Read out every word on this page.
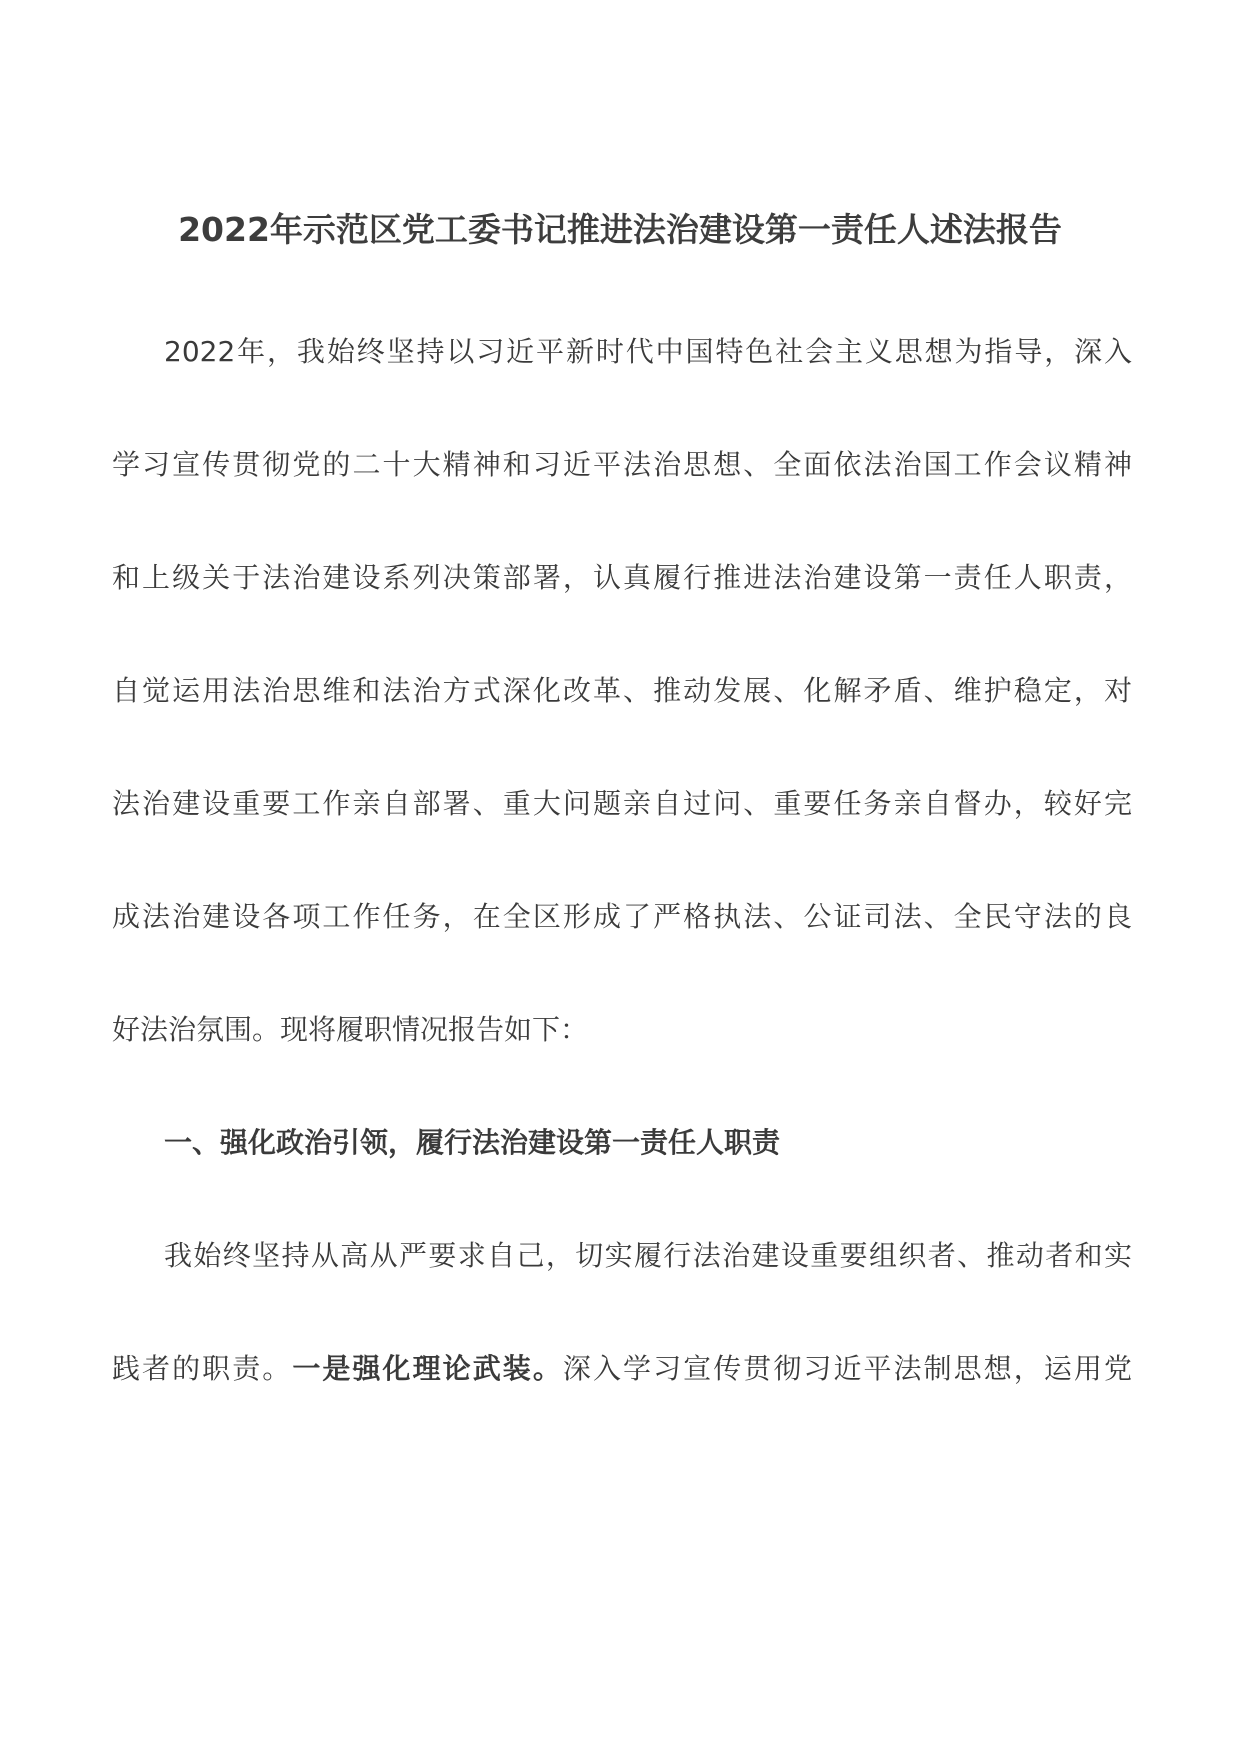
2022年示范区党工委书记推进法治建设第一责任人述法报告
2022年，我始终坚持以习近平新时代中国特色社会主义思想为指导，深入
学习宣传贯彻党的二十大精神和习近平法治思想、全面依法治国工作会议精神
和上级关于法治建设系列决策部署，认真履行推进法治建设第一责任人职责，
自觉运用法治思维和法治方式深化改革、推动发展、化解矛盾、维护稳定，对
法治建设重要工作亲自部署、重大问题亲自过问、重要任务亲自督办，较好完
成法治建设各项工作任务，在全区形成了严格执法、公证司法、全民守法的良
好法治氛围。现将履职情况报告如下：
一、强化政治引领，履行法治建设第一责任人职责
我始终坚持从高从严要求自己，切实履行法治建设重要组织者、推动者和实
践者的职责。一是强化理论武装。深入学习宣传贯彻习近平法制思想，运用党
